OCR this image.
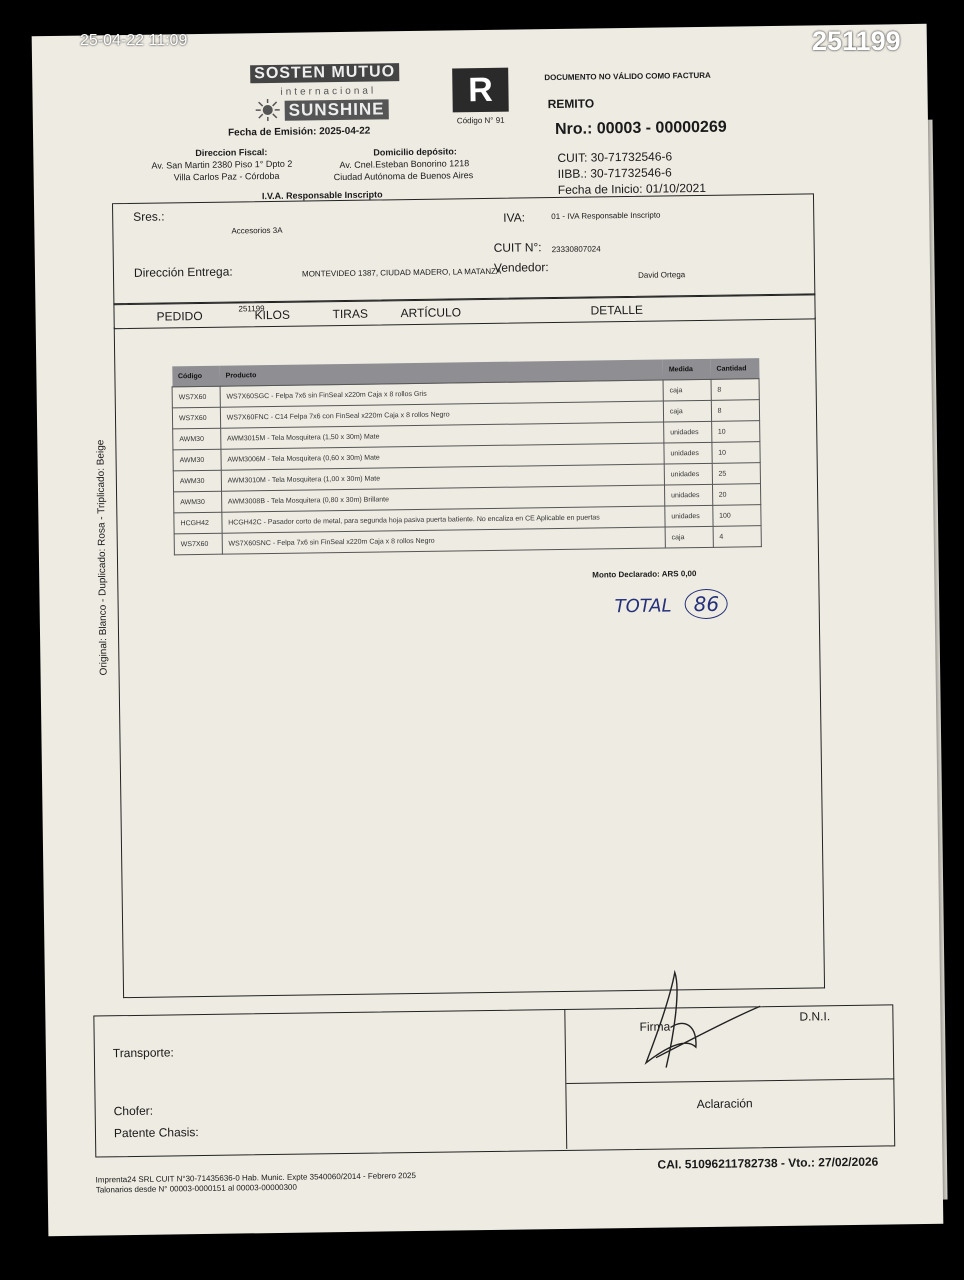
SOSTEN MUTUO
internacional
SUNSHINE
Fecha de Emisión: 2025-04-22
R
Código N° 91
DOCUMENTO NO VÁLIDO COMO FACTURA
REMITO
Nro.: 00003 - 00000269
CUIT: 30-71732546-6
IIBB.: 30-71732546-6
Fecha de Inicio: 01/10/2021
Direccion Fiscal:
Av. San Martin 2380 Piso 1° Dpto 2
Villa Carlos Paz - Córdoba
Domicilio depósito:
Av. Cnel.Esteban Bonorino 1218
Ciudad Autónoma de Buenos Aires
I.V.A. Responsable Inscripto
Sres.:
Accesorios 3A
IVA:	01 - IVA Responsable Inscripto
CUIT N°: 23330807024
Dirección Entrega:	MONTEVIDEO 1387, CIUDAD MADERO, LA MATANZA
Vendedor:
David Ortega
PEDIDO
251199
KILOS	TIRAS	ARTÍCULO	DETALLE
Código	Producto	Medida	Cantidad
WS7X60	WS7X60SGC - Felpa 7x6 sin FinSeal x220m Caja x 8 rollos Gris	caja	8
WS7X60	WS7X60FNC - C14 Felpa 7x6 con FinSeal x220m Caja x 8 rollos Negro	caja	8
AWM30	AWM3015M - Tela Mosquitera (1,50 x 30m) Mate	unidades	10
AWM30	AWM3006M - Tela Mosquitera (0,60 x 30m) Mate	unidades	10
AWM30	AWM3010M - Tela Mosquitera (1,00 x 30m) Mate	unidades	25
AWM30	AWM3008B - Tela Mosquitera (0,80 x 30m) Brillante	unidades	20
HCGH42	HCGH42C - Pasador corto de metal, para segunda hoja pasiva puerta batiente. No encaliza en CE Aplicable en puertas	unidades	100
WS7X60	WS7X60SNC - Felpa 7x6 sin FinSeal x220m Caja x 8 rollos Negro	caja	4
Monto Declarado: ARS 0,00
TOTAL	86
Original: Blanco - Duplicado: Rosa - Triplicado: Beige
Transporte:
Chofer:
Patente Chasis:
Firma
D.N.I.
Aclaración
CAI. 51096211782738 - Vto.: 27/02/2026
Imprenta24 SRL CUIT N°30-71435636-0 Hab. Munic. Expte 3540060/2014 - Febrero 2025
Talonarios desde N° 00003-0000151 al 00003-00000300
25-04-22 11:09	251199
